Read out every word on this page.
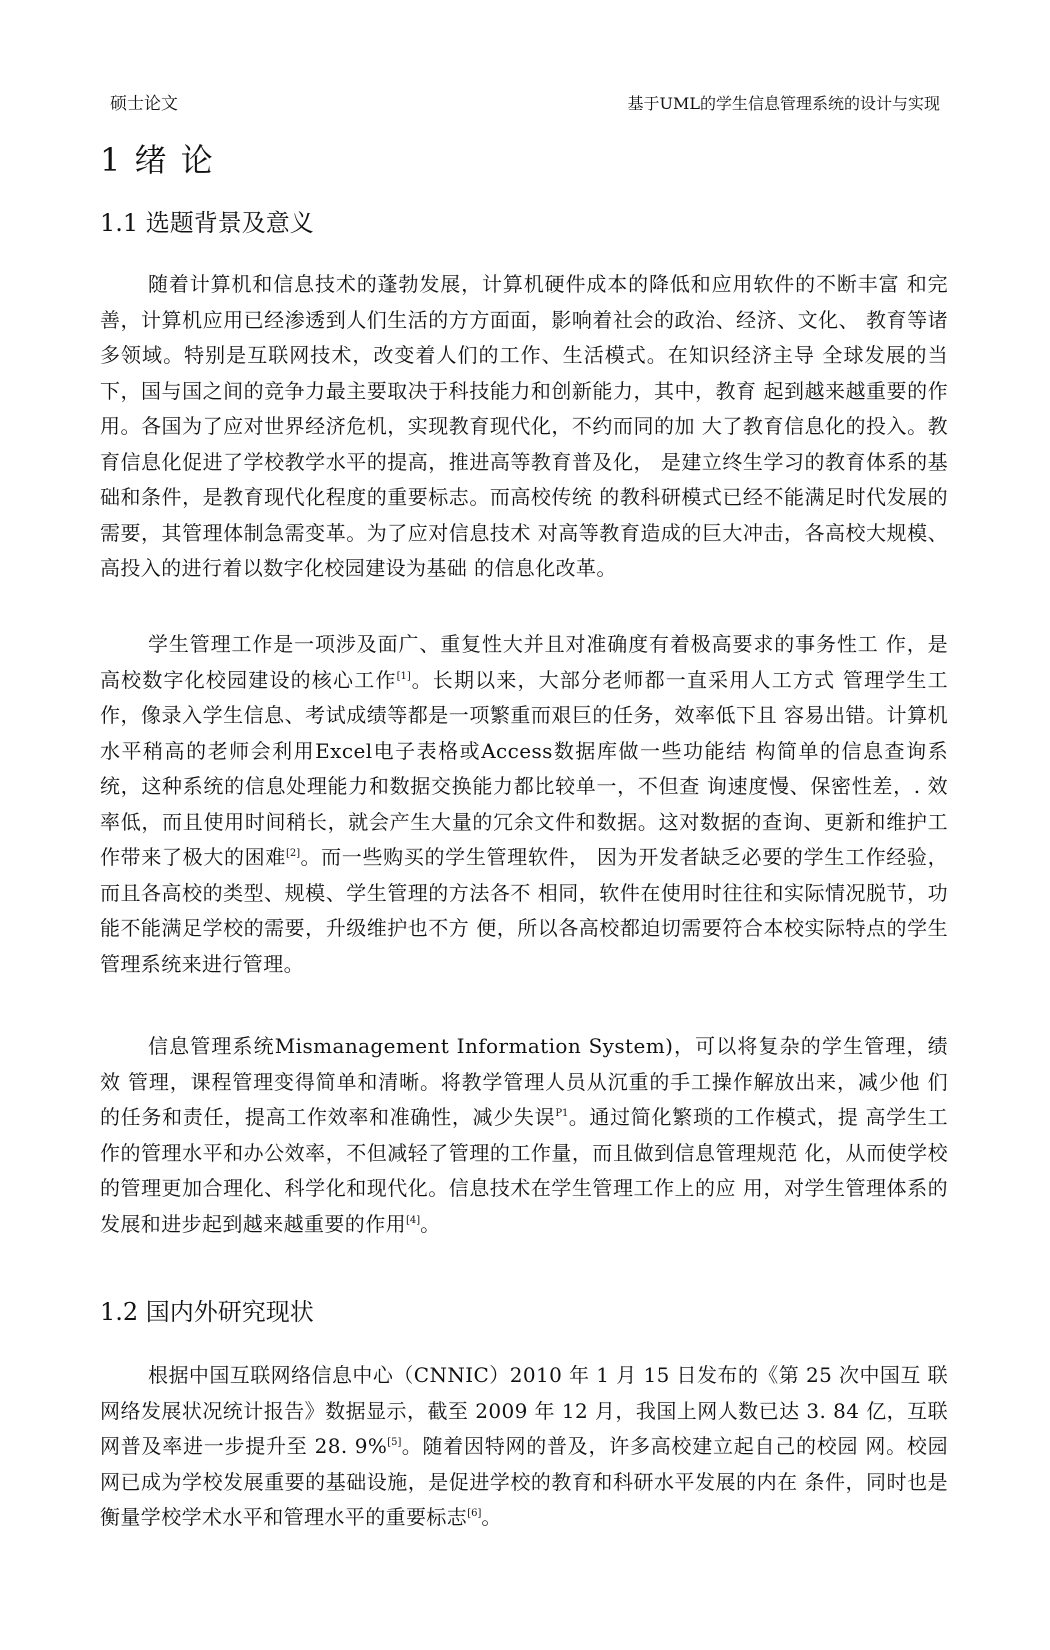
硕士论文	基于UML的学生信息管理系统的设计与实现
1 绪 论
1.1 选题背景及意义

随着计算机和信息技术的蓬勃发展，计算机硬件成本的降低和应用软件的不断丰富 和完善，计算机应用已经渗透到人们生活的方方面面，影响着社会的政治、经济、文化、 教育等诸多领域。特别是互联网技术，改变着人们的工作、生活模式。在知识经济主导 全球发展的当下，国与国之间的竞争力最主要取决于科技能力和创新能力，其中，教育 起到越来越重要的作用。各国为了应对世界经济危机，实现教育现代化，不约而同的加 大了教育信息化的投入。教育信息化促进了学校教学水平的提高，推进高等教育普及化， 是建立终生学习的教育体系的基础和条件，是教育现代化程度的重要标志。而高校传统 的教科研模式已经不能满足时代发展的需要，其管理体制急需变革。为了应对信息技术 对高等教育造成的巨大冲击，各高校大规模、高投入的进行着以数字化校园建设为基础 的信息化改革。

学生管理工作是一项涉及面广、重复性大并且对准确度有着极高要求的事务性工 作，是高校数字化校园建设的核心工作[1]。长期以来，大部分老师都一直采用人工方式 管理学生工作，像录入学生信息、考试成绩等都是一项繁重而艰巨的任务，效率低下且 容易出错。计算机水平稍高的老师会利用Excel电子表格或Access数据库做一些功能结 构简单的信息查询系统，这种系统的信息处理能力和数据交换能力都比较单一，不但查 询速度慢、保密性差，. 效率低，而且使用时间稍长，就会产生大量的冗余文件和数据。这对数据的查询、更新和维护工作带来了极大的困难[2]。而一些购买的学生管理软件， 因为开发者缺乏必要的学生工作经验，而且各高校的类型、规模、学生管理的方法各不 相同，软件在使用时往往和实际情况脱节，功能不能满足学校的需要，升级维护也不方 便，所以各高校都迫切需要符合本校实际特点的学生管理系统来进行管理。

信息管理系统Mismanagement Information System)，可以将复杂的学生管理，绩效 管理，课程管理变得简单和清晰。将教学管理人员从沉重的手工操作解放出来，减少他 们的任务和责任，提高工作效率和准确性，减少失误$^{P1}$。通过简化繁琐的工作模式，提 高学生工作的管理水平和办公效率，不但减轻了管理的工作量，而且做到信息管理规范 化，从而使学校的管理更加合理化、科学化和现代化。信息技术在学生管理工作上的应 用，对学生管理体系的发展和进步起到越来越重要的作用[4]。

1.2 国内外研究现状

根据中国互联网络信息中心（CNNIC）2010 年 1 月 15 日发布的《第 25 次中国互 联网络发展状况统计报告》数据显示，截至 2009 年 12 月，我国上网人数已达 3. 84 亿，互联网普及率进一步提升至 28. 9%[5]。随着因特网的普及，许多高校建立起自己的校园 网。校园网已成为学校发展重要的基础设施，是促进学校的教育和科研水平发展的内在 条件，同时也是衡量学校学术水平和管理水平的重要标志[6]。
